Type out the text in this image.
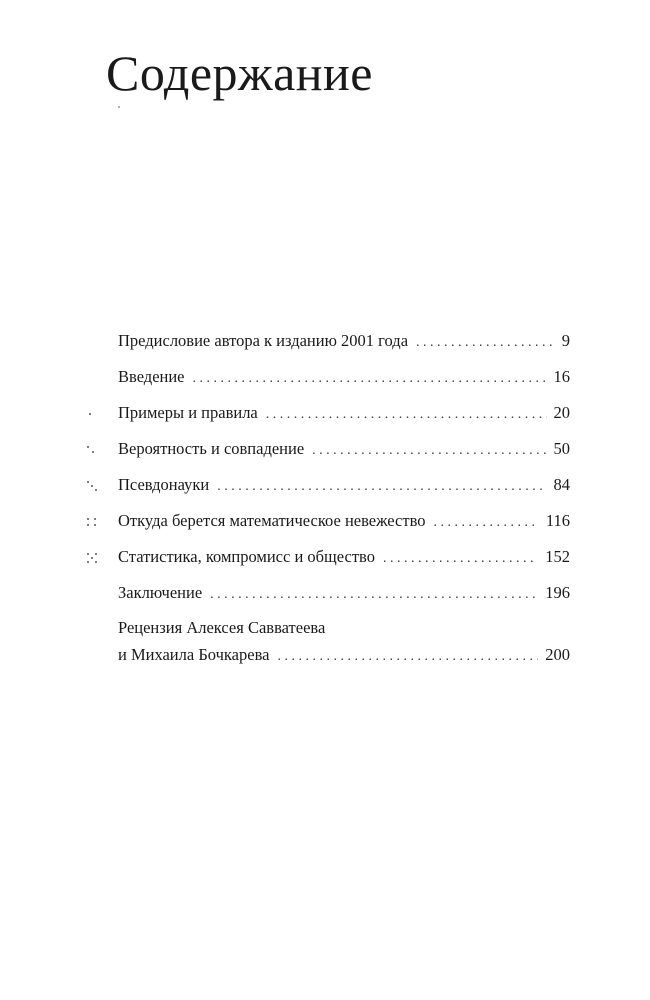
Содержание
Предисловие автора к изданию 2001 года . . .	9
Введение . . .	16
Примеры и правила . . .	20
Вероятность и совпадение . . .	50
Псевдонауки . . .	84
Откуда берется математическое невежество . . .	116
Статистика, компромисс и общество . . .	152
Заключение . . .	196
Рецензия Алексея Савватеева
и Михаила Бочкарева . . .	200
